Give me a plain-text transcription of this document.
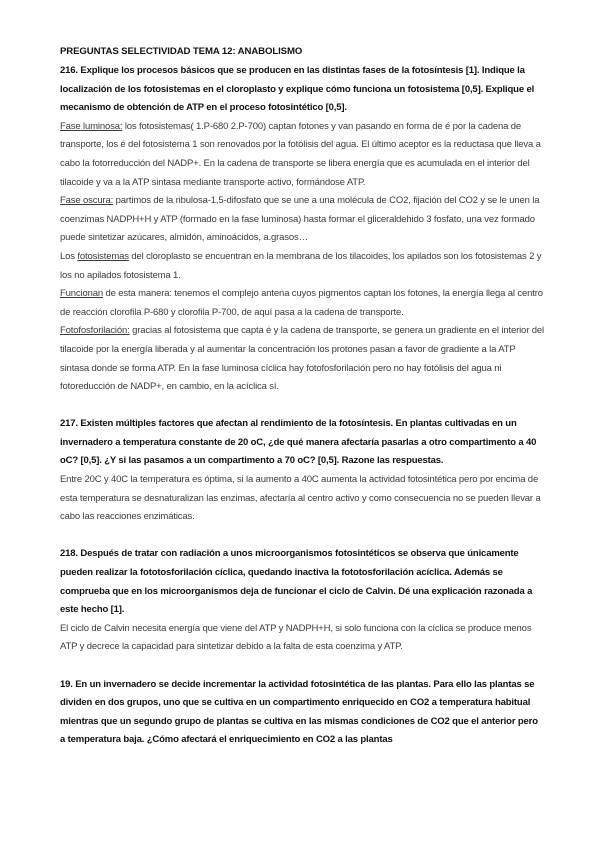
PREGUNTAS SELECTIVIDAD TEMA 12: ANABOLISMO

216. Explique los procesos básicos que se producen en las distintas fases de la fotosíntesis [1]. Indique la localización de los fotosistemas en el cloroplasto y explique cómo funciona un fotosistema [0,5]. Explique el mecanismo de obtención de ATP en el proceso fotosintético [0,5].

Fase luminosa: los fotosistemas( 1.P-680 2.P-700) captan fotones y van pasando en forma de é por la cadena de transporte, los é del fotosistema 1 son renovados por la fotólisis del agua. El último aceptor es la reductasa que lleva a cabo la fotorreducción del NADP+. En la cadena de transporte se libera energía que es acumulada en el interior del tilacoide y va a la ATP sintasa mediante transporte activo, formándose ATP.

Fase oscura: partimos de la ribulosa-1,5-difosfato que se une a una molécula de CO2, fijación del CO2 y se le unen la coenzimas NADPH+H y ATP (formado en la fase luminosa) hasta formar el gliceraldehido 3 fosfato, una vez formado puede sintetizar azúcares, almidón, aminoácidos, a.grasos…

Los fotosistemas del cloroplasto se encuentran en la membrana de los tilacoides, los apilados son los fotosistemas 2 y los no apilados fotosistema 1.

Funcionan de esta manera: tenemos el complejo antena cuyos pigmentos captan los fotones, la energía llega al centro de reacción clorofila P-680 y clorofila P-700, de aquí pasa a la cadena de transporte.

Fotofosforilación: gracias al fotosistema que capta é y la cadena de transporte, se genera un gradiente en el interior del tilacoide por la energía liberada y al aumentar la concentración los protones pasan a favor de gradiente a la ATP sintasa donde se forma ATP. En la fase luminosa cíclica hay fotofosforilación pero no hay fotólisis del agua ni fotoreducción de NADP+, en cambio, en la acíclica sí.

217. Existen múltiples factores que afectan al rendimiento de la fotosíntesis. En plantas cultivadas en un invernadero a temperatura constante de 20 oC, ¿de qué manera afectaría pasarlas a otro compartimento a 40 oC? [0,5]. ¿Y si las pasamos a un compartimento a 70 oC? [0,5]. Razone las respuestas.

Entre 20C y 40C la temperatura es óptima, si la aumento a 40C aumenta la actividad fotosintética pero por encima de esta temperatura se desnaturalizan las enzimas, afectaría al centro activo y como consecuencia no se pueden llevar a cabo las reacciones enzimáticas.

218. Después de tratar con radiación a unos microorganismos fotosintéticos se observa que únicamente pueden realizar la fototosforilación cíclica, quedando inactiva la fototosforilación acíclica. Además se comprueba que en los microorganismos deja de funcionar el ciclo de Calvin. Dé una explicación razonada a este hecho [1].

El ciclo de Calvin necesita energía que viene del ATP y NADPH+H, si solo funciona con la cíclica se produce menos ATP y decrece la capacidad para sintetizar debido a la falta de esta coenzima y ATP.

19. En un invernadero se decide incrementar la actividad fotosintética de las plantas. Para ello las plantas se dividen en dos grupos, uno que se cultiva en un compartimento enriquecido en CO2 a temperatura habitual mientras que un segundo grupo de plantas se cultiva en las mismas condiciones de CO2 que el anterior pero a temperatura baja. ¿Cómo afectará el enriquecimiento en CO2 a las plantas
